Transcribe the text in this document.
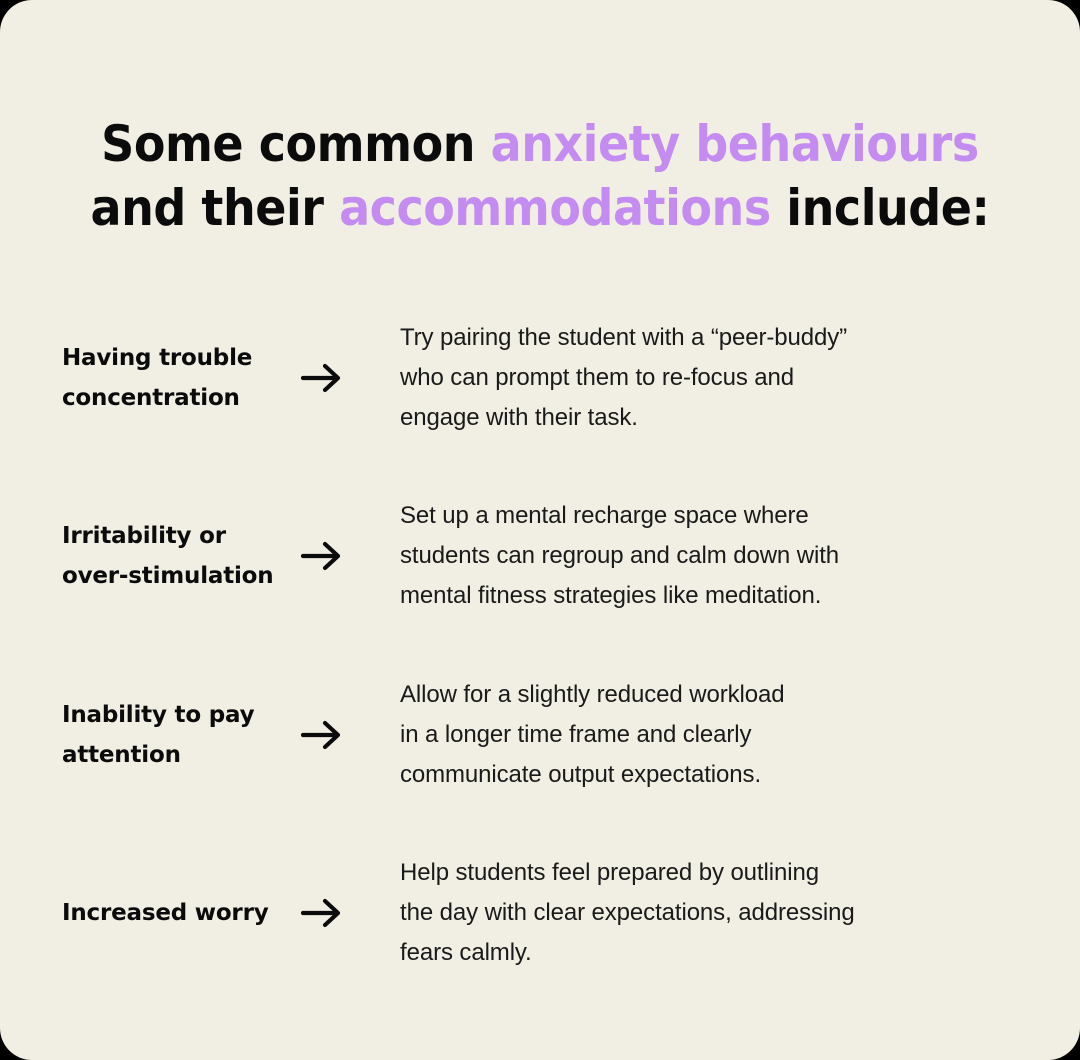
Some common anxiety behaviours
and their accommodations include:
Having trouble
concentration
Try pairing the student with a “peer-buddy”
who can prompt them to re-focus and
engage with their task.
Irritability or
over-stimulation
Set up a mental recharge space where
students can regroup and calm down with
mental fitness strategies like meditation.
Inability to pay
attention
Allow for a slightly reduced workload
in a longer time frame and clearly
communicate output expectations.
Increased worry
Help students feel prepared by outlining
the day with clear expectations, addressing
fears calmly.
